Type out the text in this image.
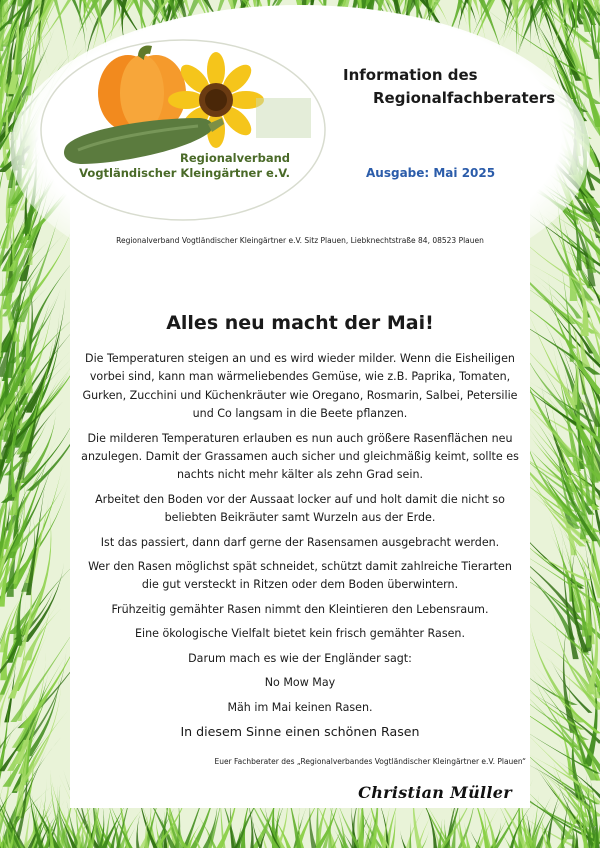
Regionalverband
Vogtländischer Kleingärtner e.V.
Information des
Regionalfachberaters
Ausgabe: Mai 2025
Regionalverband Vogtländischer Kleingärtner e.V. Sitz Plauen, Liebknechtstraße 84, 08523 Plauen
Alles neu macht der Mai!

Die Temperaturen steigen an und es wird wieder milder. Wenn die Eisheiligen vorbei sind, kann man wärmeliebendes Gemüse, wie z.B. Paprika, Tomaten, Gurken, Zucchini und Küchenkräuter wie Oregano, Rosmarin, Salbei, Petersilie und Co langsam in die Beete pflanzen.

Die milderen Temperaturen erlauben es nun auch größere Rasenflächen neu anzulegen. Damit der Grassamen auch sicher und gleichmäßig keimt, sollte es nachts nicht mehr kälter als zehn Grad sein.

Arbeitet den Boden vor der Aussaat locker auf und holt damit die nicht so beliebten Beikräuter samt Wurzeln aus der Erde.

Ist das passiert, dann darf gerne der Rasensamen ausgebracht werden.

Wer den Rasen möglichst spät schneidet, schützt damit zahlreiche Tierarten die gut versteckt in Ritzen oder dem Boden überwintern.

Frühzeitig gemähter Rasen nimmt den Kleintieren den Lebensraum.

Eine ökologische Vielfalt bietet kein frisch gemähter Rasen.

Darum mach es wie der Engländer sagt:

No Mow May

Mäh im Mai keinen Rasen.

In diesem Sinne einen schönen Rasen

Euer Fachberater des „Regionalverbandes Vogtländischer Kleingärtner e.V. Plauen“
Christian Müller
